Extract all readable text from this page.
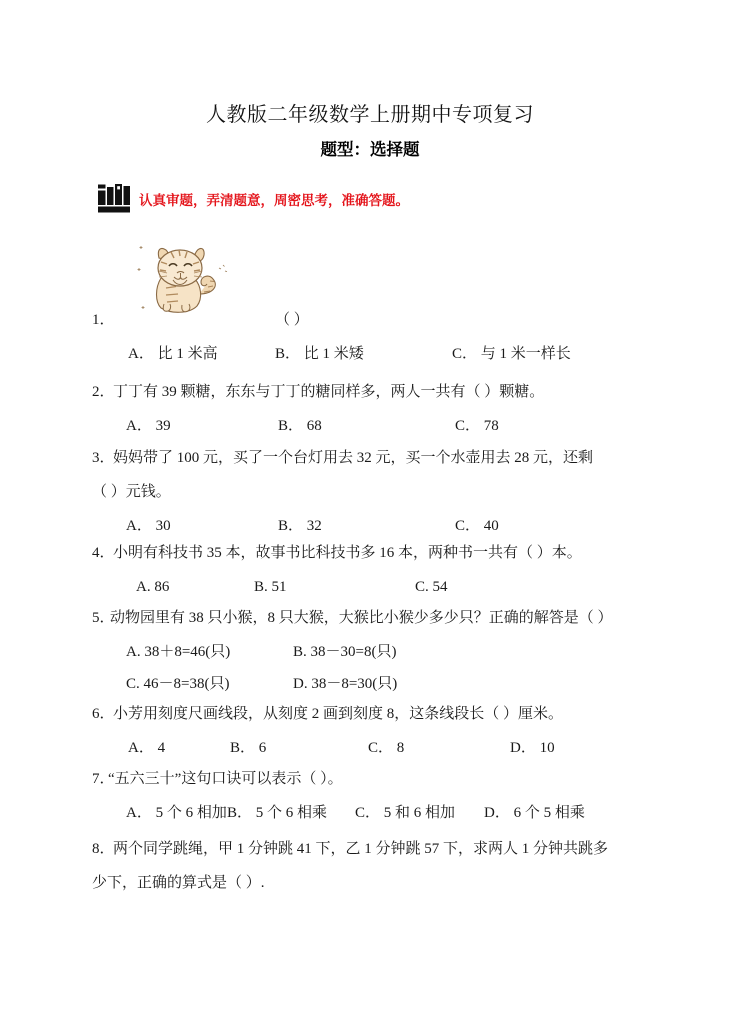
人教版二年级数学上册期中专项复习
题型：选择题
认真审题，弄清题意，周密思考，准确答题。
1．	（ ）
A． 比 1 米高	B． 比 1 米矮	C． 与 1 米一样长
2．
丁丁有 39 颗糖，东东与丁丁的糖同样多，两人一共有（ ）颗糖。
A． 39	B． 68	C． 78
3．
妈妈带了 100 元，买了一个台灯用去 32 元，买一个水壶用去 28 元，还剩
（ ）元钱。
A． 30	B． 32	C． 40
4．
小明有科技书 35 本，故事书比科技书多 16 本，两种书一共有（ ）本。
A. 86	B. 51	C. 54
5．
动物园里有 38 只小猴，8 只大猴，大猴比小猴少多少只？正确的解答是（ ）
A. 38＋8=46(只)	B. 38－30=8(只)
C. 46－8=38(只)	D. 38－8=30(只)
6．
小芳用刻度尺画线段，从刻度 2 画到刻度 8，这条线段长（ ）厘米。
A． 4	B． 6	C． 8	D． 10
7．
“五六三十”这句口诀可以表示（ ）。
A． 5 个 6 相加 B． 5 个 6 相乘 C． 5 和 6 相加 D． 6 个 5 相乘
8．
两个同学跳绳，甲 1 分钟跳 41 下，乙 1 分钟跳 57 下，求两人 1 分钟共跳多
少下，正确的算式是（ ）.
